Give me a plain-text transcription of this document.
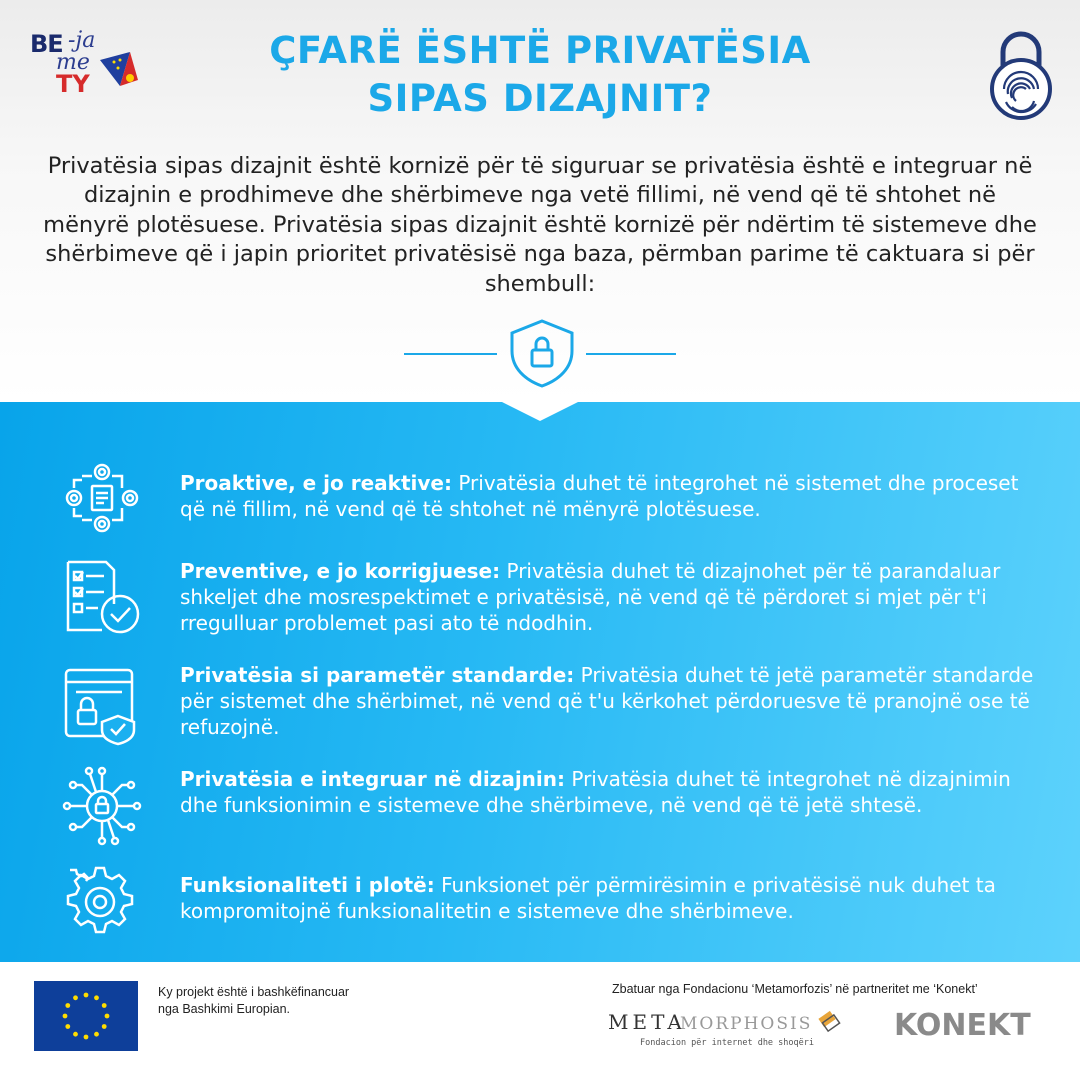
BE -ja
me
TY
ÇFARË ËSHTË PRIVATËSIA
SIPAS DIZAJNIT?
Privatësia sipas dizajnit është kornizë për të siguruar se privatësia është e integruar në dizajnin e prodhimeve dhe shërbimeve nga vetë fillimi, në vend që të shtohet në mënyrë plotësuese. Privatësia sipas dizajnit është kornizë për ndërtim të sistemeve dhe shërbimeve që i japin prioritet privatësisë nga baza, përmban parime të caktuara si për shembull:
Proaktive, e jo reaktive: Privatësia duhet të integrohet në sistemet dhe proceset që në fillim, në vend që të shtohet në mënyrë plotësuese.
Preventive, e jo korrigjuese: Privatësia duhet të dizajnohet për të parandaluar shkeljet dhe mosrespektimet e privatësisë, në vend që të përdoret si mjet për t'i rregulluar problemet pasi ato të ndodhin.
Privatësia si parametër standarde: Privatësia duhet të jetë parametër standarde për sistemet dhe shërbimet, në vend që t'u kërkohet përdoruesve të pranojnë ose të refuzojnë.
Privatësia e integruar në dizajnin: Privatësia duhet të integrohet në dizajnimin dhe funksionimin e sistemeve dhe shërbimeve, në vend që të jetë shtesë.
Funksionaliteti i plotë: Funksionet për përmirësimin e privatësisë nuk duhet ta kompromitojnë funksionalitetin e sistemeve dhe shërbimeve.
Ky projekt është i bashkëfinancuar
nga Bashkimi Europian.
Zbatuar nga Fondacionu ‘Metamorfozis’ në partneritet me ‘Konekt’
META
MORPHOSIS
Fondacion për internet dhe shoqëri	KONEKT
